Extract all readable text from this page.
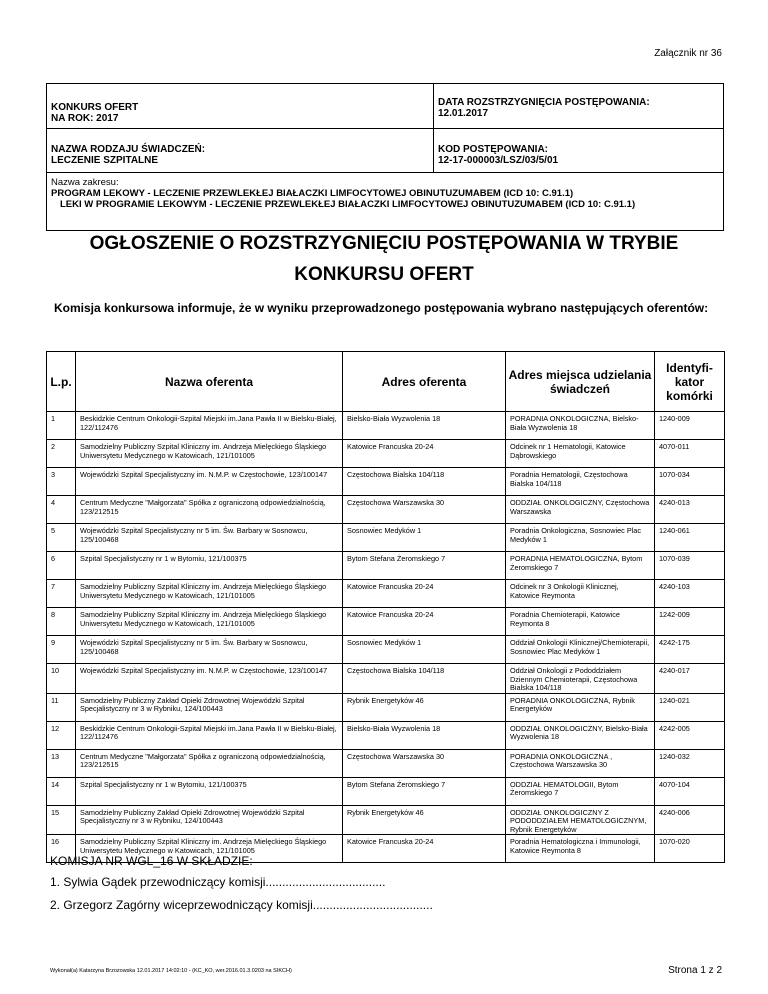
Załącznik nr 36
KONKURS OFERT
NA ROK: 2017
DATA ROZSTRZYGNIĘCIA POSTĘPOWANIA:
12.01.2017
NAZWA RODZAJU ŚWIADCZEŃ:
LECZENIE SZPITALNE
KOD POSTĘPOWANIA:
12-17-000003/LSZ/03/5/01
Nazwa zakresu:
PROGRAM LEKOWY - LECZENIE PRZEWLEKŁEJ BIAŁACZKI LIMFOCYTOWEJ OBINUTUZUMABEM (ICD 10: C.91.1)
LEKI W PROGRAMIE LEKOWYM - LECZENIE PRZEWLEKŁEJ BIAŁACZKI LIMFOCYTOWEJ OBINUTUZUMABEM (ICD 10: C.91.1)
OGŁOSZENIE O ROZSTRZYGNIĘCIU POSTĘPOWANIA W TRYBIE
KONKURSU OFERT
Komisja konkursowa informuje, że w wyniku przeprowadzonego postępowania wybrano następujących oferentów:
L.p.	Nazwa oferenta	Adres oferenta	Adres miejsca udzielania świadczeń	Identyfi-kator komórki
1	Beskidzkie Centrum Onkologii-Szpital Miejski im.Jana Pawła II w Bielsku-Białej, 122/112476	Bielsko-Biała Wyzwolenia 18	PORADNIA ONKOLOGICZNA, Bielsko-Biała Wyzwolenia 18	1240-009
2	Samodzielny Publiczny Szpital Kliniczny im. Andrzeja Mielęckiego Śląskiego Uniwersytetu Medycznego w Katowicach, 121/101005	Katowice Francuska 20-24	Odcinek nr 1 Hematologii, Katowice Dąbrowskiego	4070-011
3	Wojewódzki Szpital Specjalistyczny im. N.M.P. w Częstochowie, 123/100147	Częstochowa Bialska 104/118	Poradnia Hematologii, Częstochowa Bialska 104/118	1070-034
4	Centrum Medyczne "Małgorzata" Spółka z ograniczoną odpowiedzialnością, 123/212515	Częstochowa Warszawska 30	ODDZIAŁ ONKOLOGICZNY, Częstochowa Warszawska	4240-013
5	Wojewódzki Szpital Specjalistyczny nr 5 im. Św. Barbary w Sosnowcu, 125/100468	Sosnowiec Medyków 1	Poradnia Onkologiczna, Sosnowiec Plac Medyków 1	1240-061
6	Szpital Specjalistyczny nr 1 w Bytomiu, 121/100375	Bytom Stefana Żeromskiego 7	PORADNIA HEMATOLOGICZNA, Bytom Żeromskiego 7	1070-039
7	Samodzielny Publiczny Szpital Kliniczny im. Andrzeja Mielęckiego Śląskiego Uniwersytetu Medycznego w Katowicach, 121/101005	Katowice Francuska 20-24	Odcinek nr 3 Onkologii Klinicznej, Katowice Reymonta	4240-103
8	Samodzielny Publiczny Szpital Kliniczny im. Andrzeja Mielęckiego Śląskiego Uniwersytetu Medycznego w Katowicach, 121/101005	Katowice Francuska 20-24	Poradnia Chemioterapii, Katowice Reymonta 8	1242-009
9	Wojewódzki Szpital Specjalistyczny nr 5 im. Św. Barbary w Sosnowcu, 125/100468	Sosnowiec Medyków 1	Oddział Onkologii Klinicznej/Chemioterapii, Sosnowiec Plac Medyków 1	4242-175
10	Wojewódzki Szpital Specjalistyczny im. N.M.P. w Częstochowie, 123/100147	Częstochowa Bialska 104/118	Oddział Onkologii z Pododdziałem Dziennym Chemioterapii, Częstochowa Bialska 104/118	4240-017
11	Samodzielny Publiczny Zakład Opieki Zdrowotnej Wojewódzki Szpital Specjalistyczny nr 3 w Rybniku, 124/100443	Rybnik Energetyków 46	PORADNIA ONKOLOGICZNA, Rybnik Energetyków	1240-021
12	Beskidzkie Centrum Onkologii-Szpital Miejski im.Jana Pawła II w Bielsku-Białej, 122/112476	Bielsko-Biała Wyzwolenia 18	ODDZIAŁ ONKOLOGICZNY, Bielsko-Biała Wyzwolenia 18	4242-005
13	Centrum Medyczne "Małgorzata" Spółka z ograniczoną odpowiedzialnością, 123/212515	Częstochowa Warszawska 30	PORADNIA ONKOLOGICZNA , Częstochowa Warszawska 30	1240-032
14	Szpital Specjalistyczny nr 1 w Bytomiu, 121/100375	Bytom Stefana Żeromskiego 7	ODDZIAŁ HEMATOLOGII, Bytom Żeromskiego 7	4070-104
15	Samodzielny Publiczny Zakład Opieki Zdrowotnej Wojewódzki Szpital Specjalistyczny nr 3 w Rybniku, 124/100443	Rybnik Energetyków 46	ODDZIAŁ ONKOLOGICZNY Z PODODDZIAŁEM HEMATOLOGICZNYM, Rybnik Energetyków	4240-006
16	Samodzielny Publiczny Szpital Kliniczny im. Andrzeja Mielęckiego Śląskiego Uniwersytetu Medycznego w Katowicach, 121/101005	Katowice Francuska 20-24	Poradnia Hematologiczna i Immunologii, Katowice Reymonta 8	1070-020
KOMISJA NR WGL_16 W SKŁADZIE:
1. Sylwia Gądek przewodniczący komisji....................................
2. Grzegorz Zagórny wiceprzewodniczący komisji....................................
Wykonał(a) Katarzyna Brzozowska 12.01.2017 14:02:10 - (KC_KO, wer.2016.01.3.0203 na SIKCH)	Strona 1 z 2
